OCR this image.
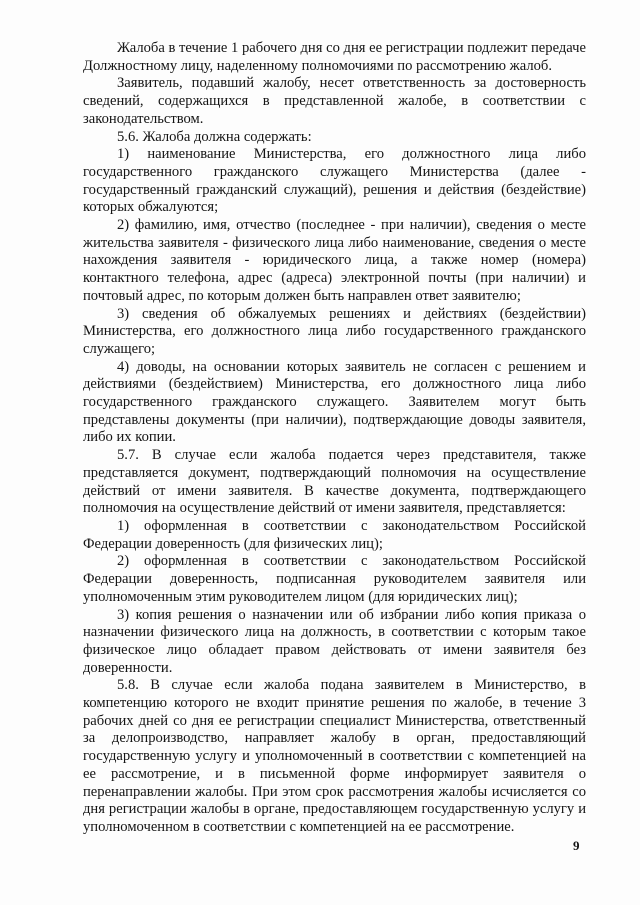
Жалоба в течение 1 рабочего дня со дня ее регистрации подлежит передаче Должностному лицу, наделенному полномочиями по рассмотрению жалоб.

Заявитель, подавший жалобу, несет ответственность за достоверность сведений, содержащихся в представленной жалобе, в соответствии с законодательством.

5.6. Жалоба должна содержать:

1) наименование Министерства, его должностного лица либо государственного гражданского служащего Министерства (далее - государственный гражданский служащий), решения и действия (бездействие) которых обжалуются;

2) фамилию, имя, отчество (последнее - при наличии), сведения о месте жительства заявителя - физического лица либо наименование, сведения о месте нахождения заявителя - юридического лица, а также номер (номера) контактного телефона, адрес (адреса) электронной почты (при наличии) и почтовый адрес, по которым должен быть направлен ответ заявителю;

3) сведения об обжалуемых решениях и действиях (бездействии) Министерства, его должностного лица либо государственного гражданского служащего;

4) доводы, на основании которых заявитель не согласен с решением и действиями (бездействием) Министерства, его должностного лица либо государственного гражданского служащего. Заявителем могут быть представлены документы (при наличии), подтверждающие доводы заявителя, либо их копии.

5.7. В случае если жалоба подается через представителя, также представляется документ, подтверждающий полномочия на осуществление действий от имени заявителя. В качестве документа, подтверждающего полномочия на осуществление действий от имени заявителя, представляется:

1) оформленная в соответствии с законодательством Российской Федерации доверенность (для физических лиц);

2) оформленная в соответствии с законодательством Российской Федерации доверенность, подписанная руководителем заявителя или уполномоченным этим руководителем лицом (для юридических лиц);

3) копия решения о назначении или об избрании либо копия приказа о назначении физического лица на должность, в соответствии с которым такое физическое лицо обладает правом действовать от имени заявителя без доверенности.

5.8. В случае если жалоба подана заявителем в Министерство, в компетенцию которого не входит принятие решения по жалобе, в течение 3 рабочих дней со дня ее регистрации специалист Министерства, ответственный за делопроизводство, направляет жалобу в орган, предоставляющий государственную услугу и уполномоченный в соответствии с компетенцией на ее рассмотрение, и в письменной форме информирует заявителя о перенаправлении жалобы. При этом срок рассмотрения жалобы исчисляется со дня регистрации жалобы в органе, предоставляющем государственную услугу и уполномоченном в соответствии с компетенцией на ее рассмотрение.

9
